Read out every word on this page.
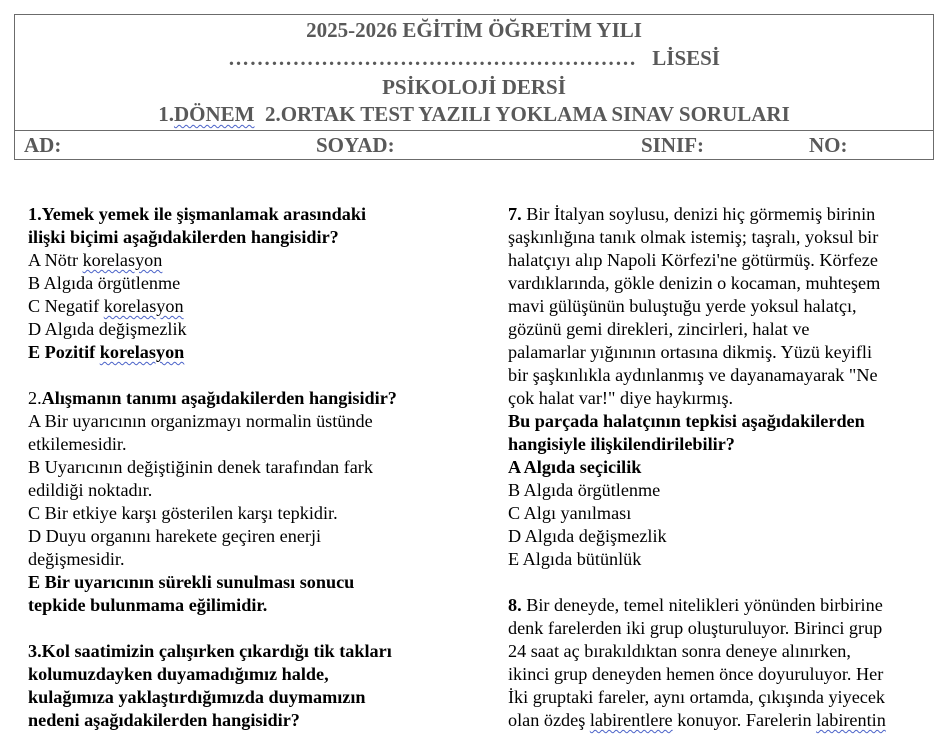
2025-2026 EĞİTİM ÖĞRETİM YILI
………………………………………………… LİSESİ
PSİKOLOJİ DERSİ
1.DÖNEM  2.ORTAK TEST YAZILI YOKLAMA SINAV SORULARI
AD:	SOYAD:	SINIF:	NO:

1.Yemek yemek ile şişmanlamak arasındaki

ilişki biçimi aşağıdakilerden hangisidir?

A Nötr korelasyon

B Algıda örgütlenme

C Negatif korelasyon

D Algıda değişmezlik

E Pozitif korelasyon

2.Alışmanın tanımı aşağıdakilerden hangisidir?

A Bir uyarıcının organizmayı normalin üstünde

etkilemesidir.

B Uyarıcının değiştiğinin denek tarafından fark

edildiği noktadır.

C Bir etkiye karşı gösterilen karşı tepkidir.

D Duyu organını harekete geçiren enerji

değişmesidir.

E Bir uyarıcının sürekli sunulması sonucu

tepkide bulunmama eğilimidir.

3.Kol saatimizin çalışırken çıkardığı tik takları

kolumuzdayken duyamadığımız halde,

kulağımıza yaklaştırdığımızda duymamızın

nedeni aşağıdakilerden hangisidir?

7. Bir İtalyan soylusu, denizi hiç görmemiş birinin

şaşkınlığına tanık olmak istemiş; taşralı, yoksul bir

halatçıyı alıp Napoli Körfezi'ne götürmüş. Körfeze

vardıklarında, gökle denizin o kocaman, muhteşem

mavi gülüşünün buluştuğu yerde yoksul halatçı,

gözünü gemi direkleri, zincirleri, halat ve

palamarlar yığınının ortasına dikmiş. Yüzü keyifli

bir şaşkınlıkla aydınlanmış ve dayanamayarak "Ne

çok halat var!" diye haykırmış.

Bu parçada halatçının tepkisi aşağıdakilerden

hangisiyle ilişkilendirilebilir?

A Algıda seçicilik

B Algıda örgütlenme

C Algı yanılması

D Algıda değişmezlik

E Algıda bütünlük

8. Bir deneyde, temel nitelikleri yönünden birbirine

denk farelerden iki grup oluşturuluyor. Birinci grup

24 saat aç bırakıldıktan sonra deneye alınırken,

ikinci grup deneyden hemen önce doyuruluyor. Her

İki gruptaki fareler, aynı ortamda, çıkışında yiyecek

olan özdeş labirentlere konuyor. Farelerin labirentin
